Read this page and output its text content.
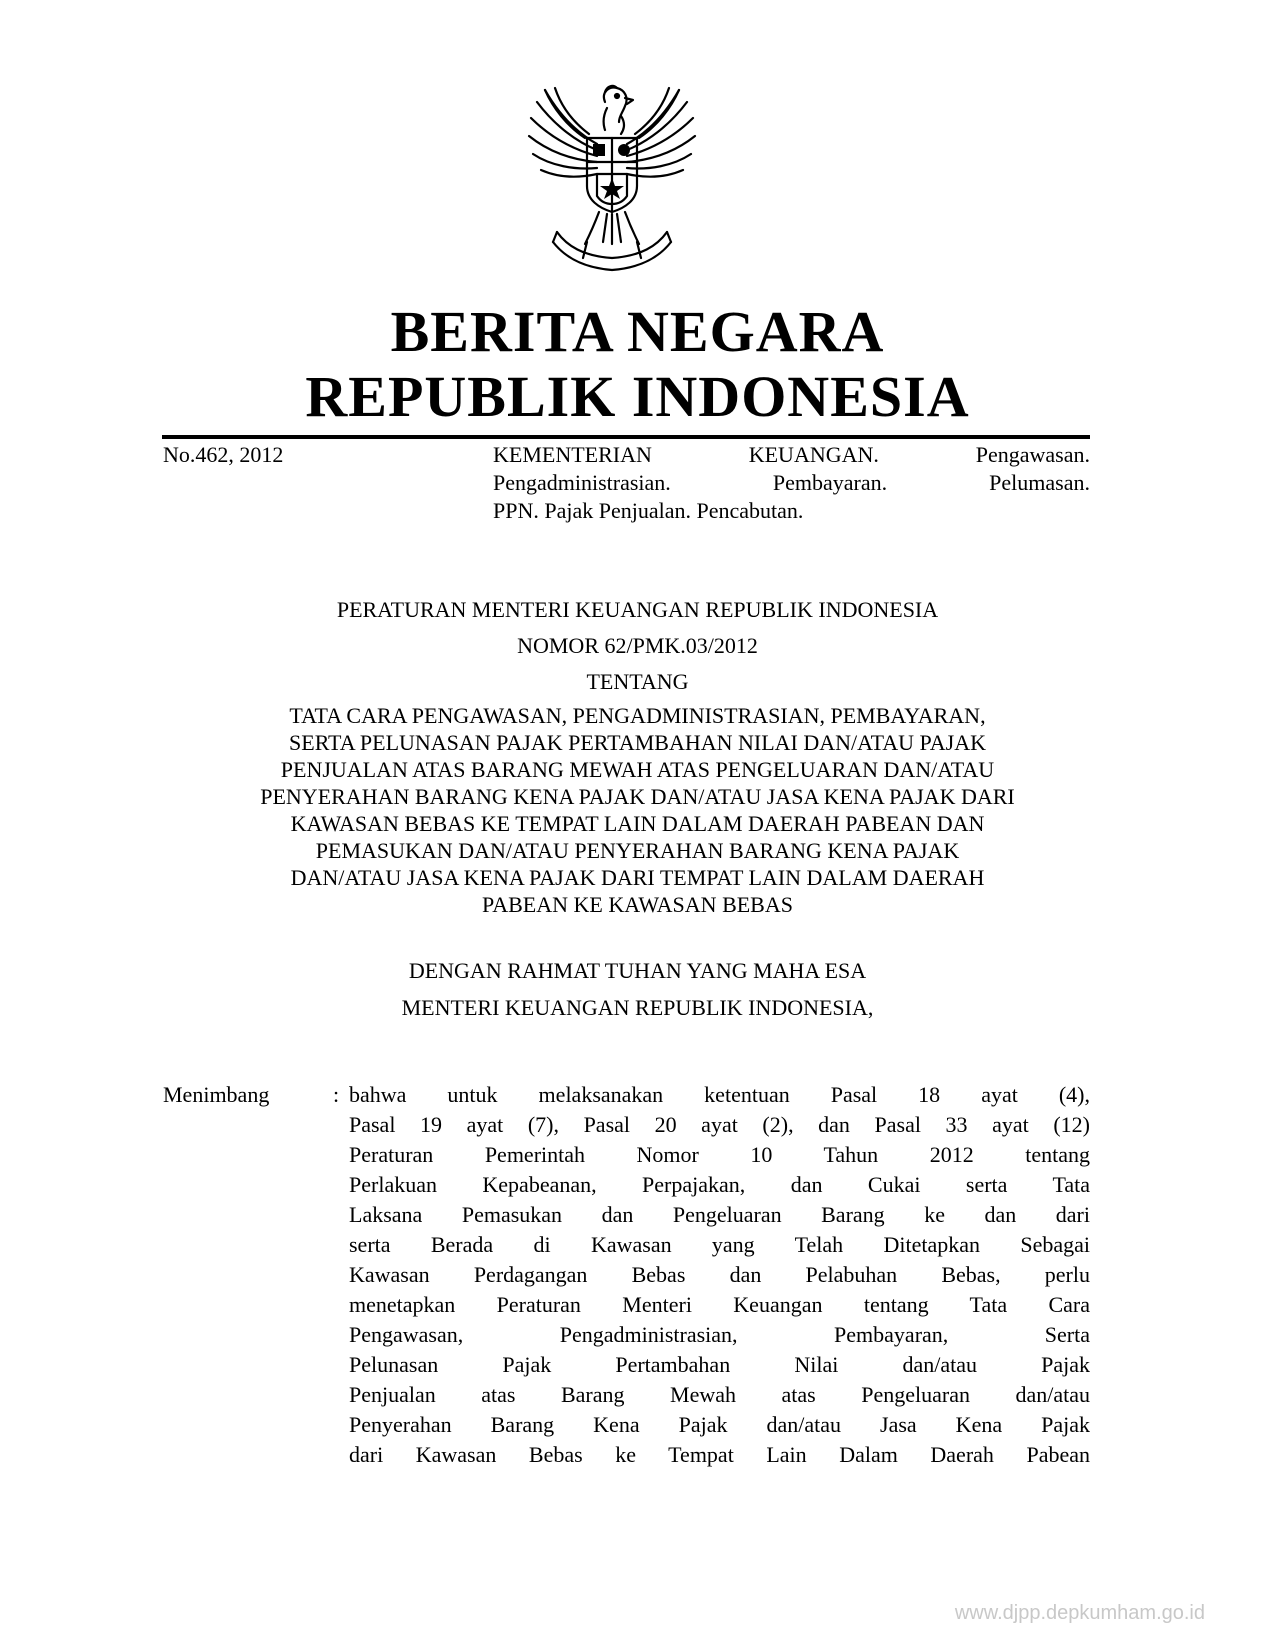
BERITA NEGARA
REPUBLIK INDONESIA
No.462, 2012	KEMENTERIAN KEUANGAN. Pengawasan.
Pengadministrasian. Pembayaran. Pelumasan.
PPN. Pajak Penjualan. Pencabutan.
PERATURAN MENTERI KEUANGAN REPUBLIK INDONESIA
NOMOR 62/PMK.03/2012
TENTANG
TATA CARA PENGAWASAN, PENGADMINISTRASIAN, PEMBAYARAN,
SERTA PELUNASAN PAJAK PERTAMBAHAN NILAI DAN/ATAU PAJAK
PENJUALAN ATAS BARANG MEWAH ATAS PENGELUARAN DAN/ATAU
PENYERAHAN BARANG KENA PAJAK DAN/ATAU JASA KENA PAJAK DARI
KAWASAN BEBAS KE TEMPAT LAIN DALAM DAERAH PABEAN DAN
PEMASUKAN DAN/ATAU PENYERAHAN BARANG KENA PAJAK
DAN/ATAU JASA KENA PAJAK DARI TEMPAT LAIN DALAM DAERAH
PABEAN KE KAWASAN BEBAS
DENGAN RAHMAT TUHAN YANG MAHA ESA
MENTERI KEUANGAN REPUBLIK INDONESIA,
Menimbang	: bahwa untuk melaksanakan ketentuan Pasal 18 ayat (4),
Pasal 19 ayat (7), Pasal 20 ayat (2), dan Pasal 33 ayat (12)
Peraturan Pemerintah Nomor 10 Tahun 2012 tentang
Perlakuan Kepabeanan, Perpajakan, dan Cukai serta Tata
Laksana Pemasukan dan Pengeluaran Barang ke dan dari
serta Berada di Kawasan yang Telah Ditetapkan Sebagai
Kawasan Perdagangan Bebas dan Pelabuhan Bebas, perlu
menetapkan Peraturan Menteri Keuangan tentang Tata Cara
Pengawasan, Pengadministrasian, Pembayaran, Serta
Pelunasan Pajak Pertambahan Nilai dan/atau Pajak
Penjualan atas Barang Mewah atas Pengeluaran dan/atau
Penyerahan Barang Kena Pajak dan/atau Jasa Kena Pajak
dari Kawasan Bebas ke Tempat Lain Dalam Daerah Pabean
www.djpp.depkumham.go.id
